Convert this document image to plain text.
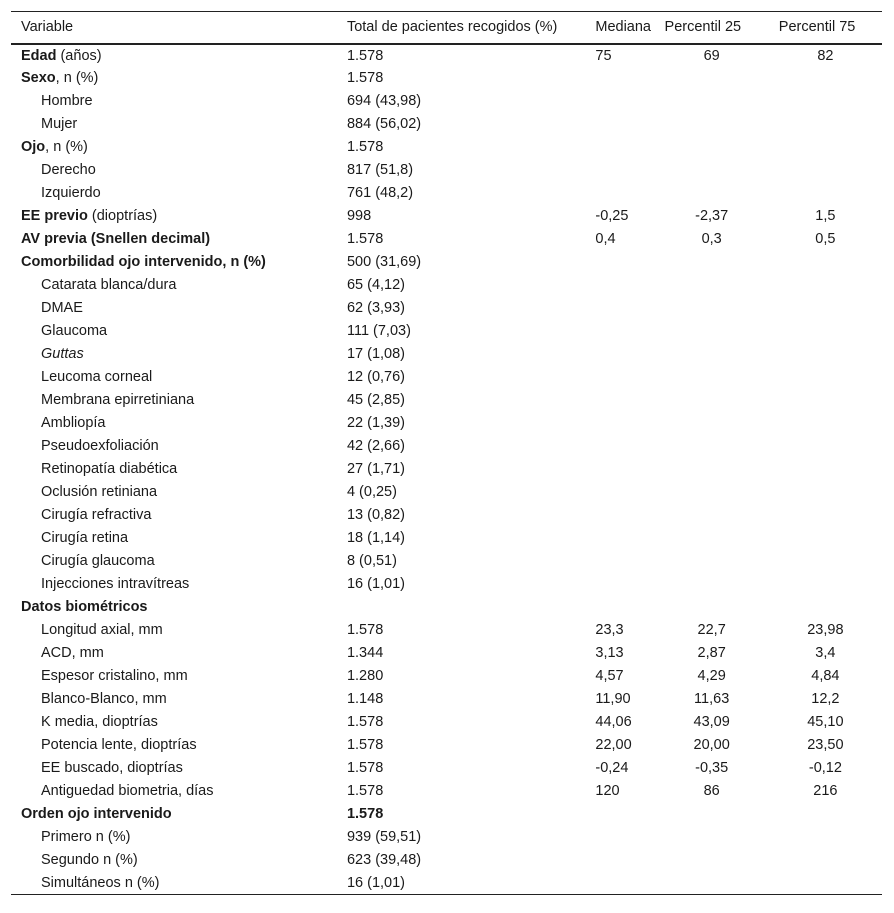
Variable	Total de pacientes recogidos (%)	Mediana	Percentil 25	Percentil 75
Edad (años)	1.578	75	69	82
Sexo, n (%)	1.578			
Hombre	694 (43,98)			
Mujer	884 (56,02)			
Ojo, n (%)	1.578			
Derecho	817 (51,8)			
Izquierdo	761 (48,2)			
EE previo (dioptrías)	998	-0,25	-2,37	1,5
AV previa (Snellen decimal)	1.578	0,4	0,3	0,5
Comorbilidad ojo intervenido, n (%)	500 (31,69)			
Catarata blanca/dura	65 (4,12)			
DMAE	62 (3,93)			
Glaucoma	111 (7,03)			
Guttas	17 (1,08)			
Leucoma corneal	12 (0,76)			
Membrana epirretiniana	45 (2,85)			
Ambliopía	22 (1,39)			
Pseudoexfoliación	42 (2,66)			
Retinopatía diabética	27 (1,71)			
Oclusión retiniana	4 (0,25)			
Cirugía refractiva	13 (0,82)			
Cirugía retina	18 (1,14)			
Cirugía glaucoma	8 (0,51)			
Injecciones intravítreas	16 (1,01)			
Datos biométricos				
Longitud axial, mm	1.578	23,3	22,7	23,98
ACD, mm	1.344	3,13	2,87	3,4
Espesor cristalino, mm	1.280	4,57	4,29	4,84
Blanco-Blanco, mm	1.148	11,90	11,63	12,2
K media, dioptrías	1.578	44,06	43,09	45,10
Potencia lente, dioptrías	1.578	22,00	20,00	23,50
EE buscado, dioptrías	1.578	-0,24	-0,35	-0,12
Antiguedad biometria, días	1.578	120	86	216
Orden ojo intervenido	1.578			
Primero n (%)	939 (59,51)			
Segundo n (%)	623 (39,48)			
Simultáneos n (%)	16 (1,01)			
